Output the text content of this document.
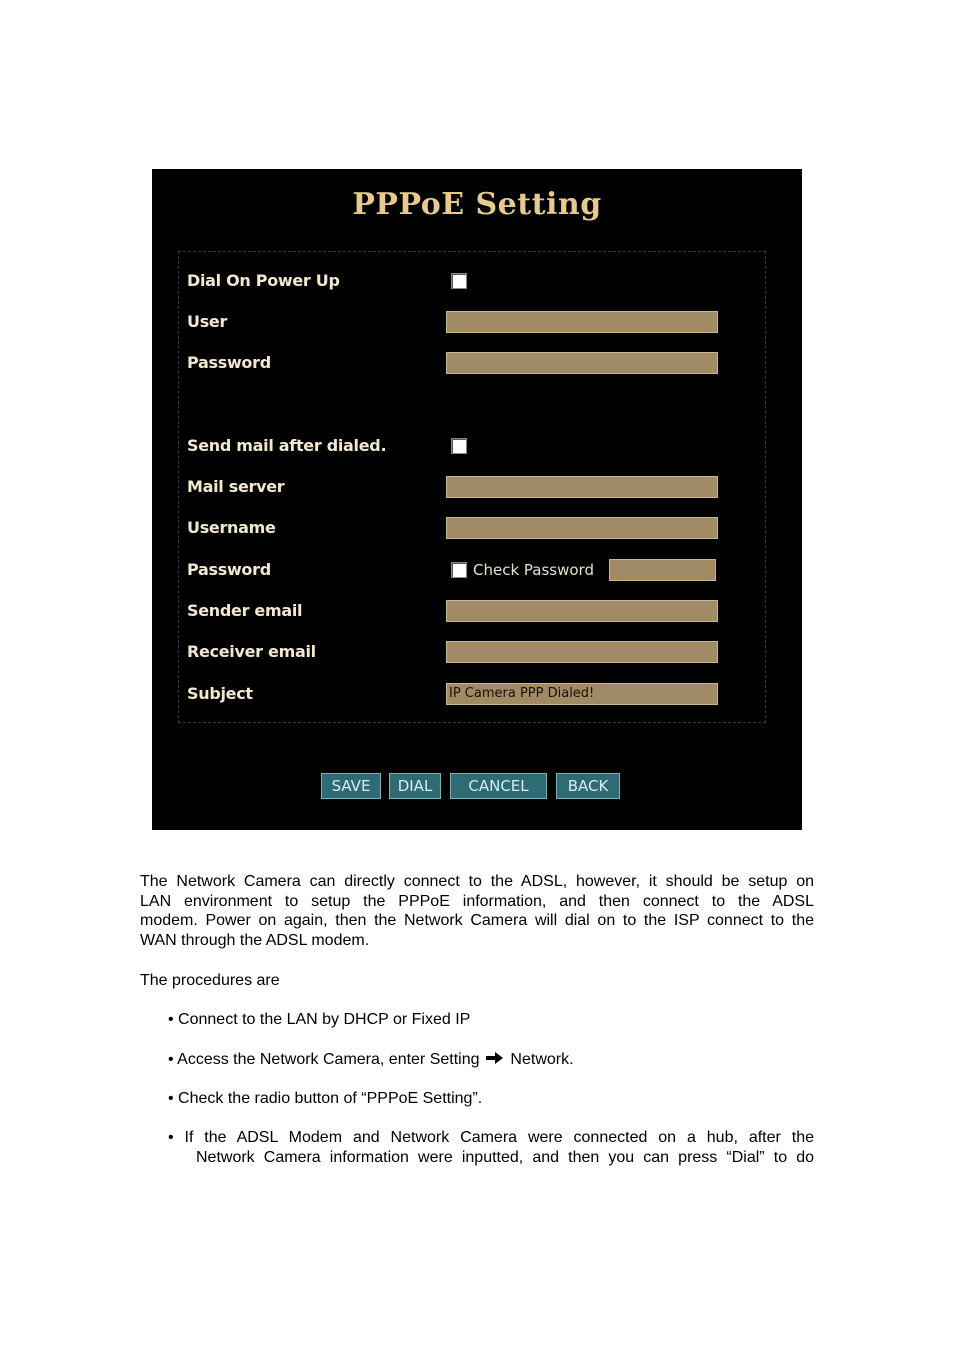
PPPoE Setting
Dial On Power Up
User
Password
Send mail after dialed.
Mail server
Username
Password	Check Password
Sender email
Receiver email
Subject	IP Camera PPP Dialed!
SAVE	DIAL	CANCEL	BACK
The Network Camera can directly connect to the ADSL, however, it should be setup on
LAN environment to setup the PPPoE information, and then connect to the ADSL
modem. Power on again, then the Network Camera will dial on to the ISP connect to the
WAN through the ADSL modem.
The procedures are
• Connect to the LAN by DHCP or Fixed IP
• Access the Network Camera, enter Setting Network.
• Check the radio button of “PPPoE Setting”.
• If the ADSL Modem and Network Camera were connected on a hub, after the
Network Camera information were inputted, and then you can press “Dial” to do
